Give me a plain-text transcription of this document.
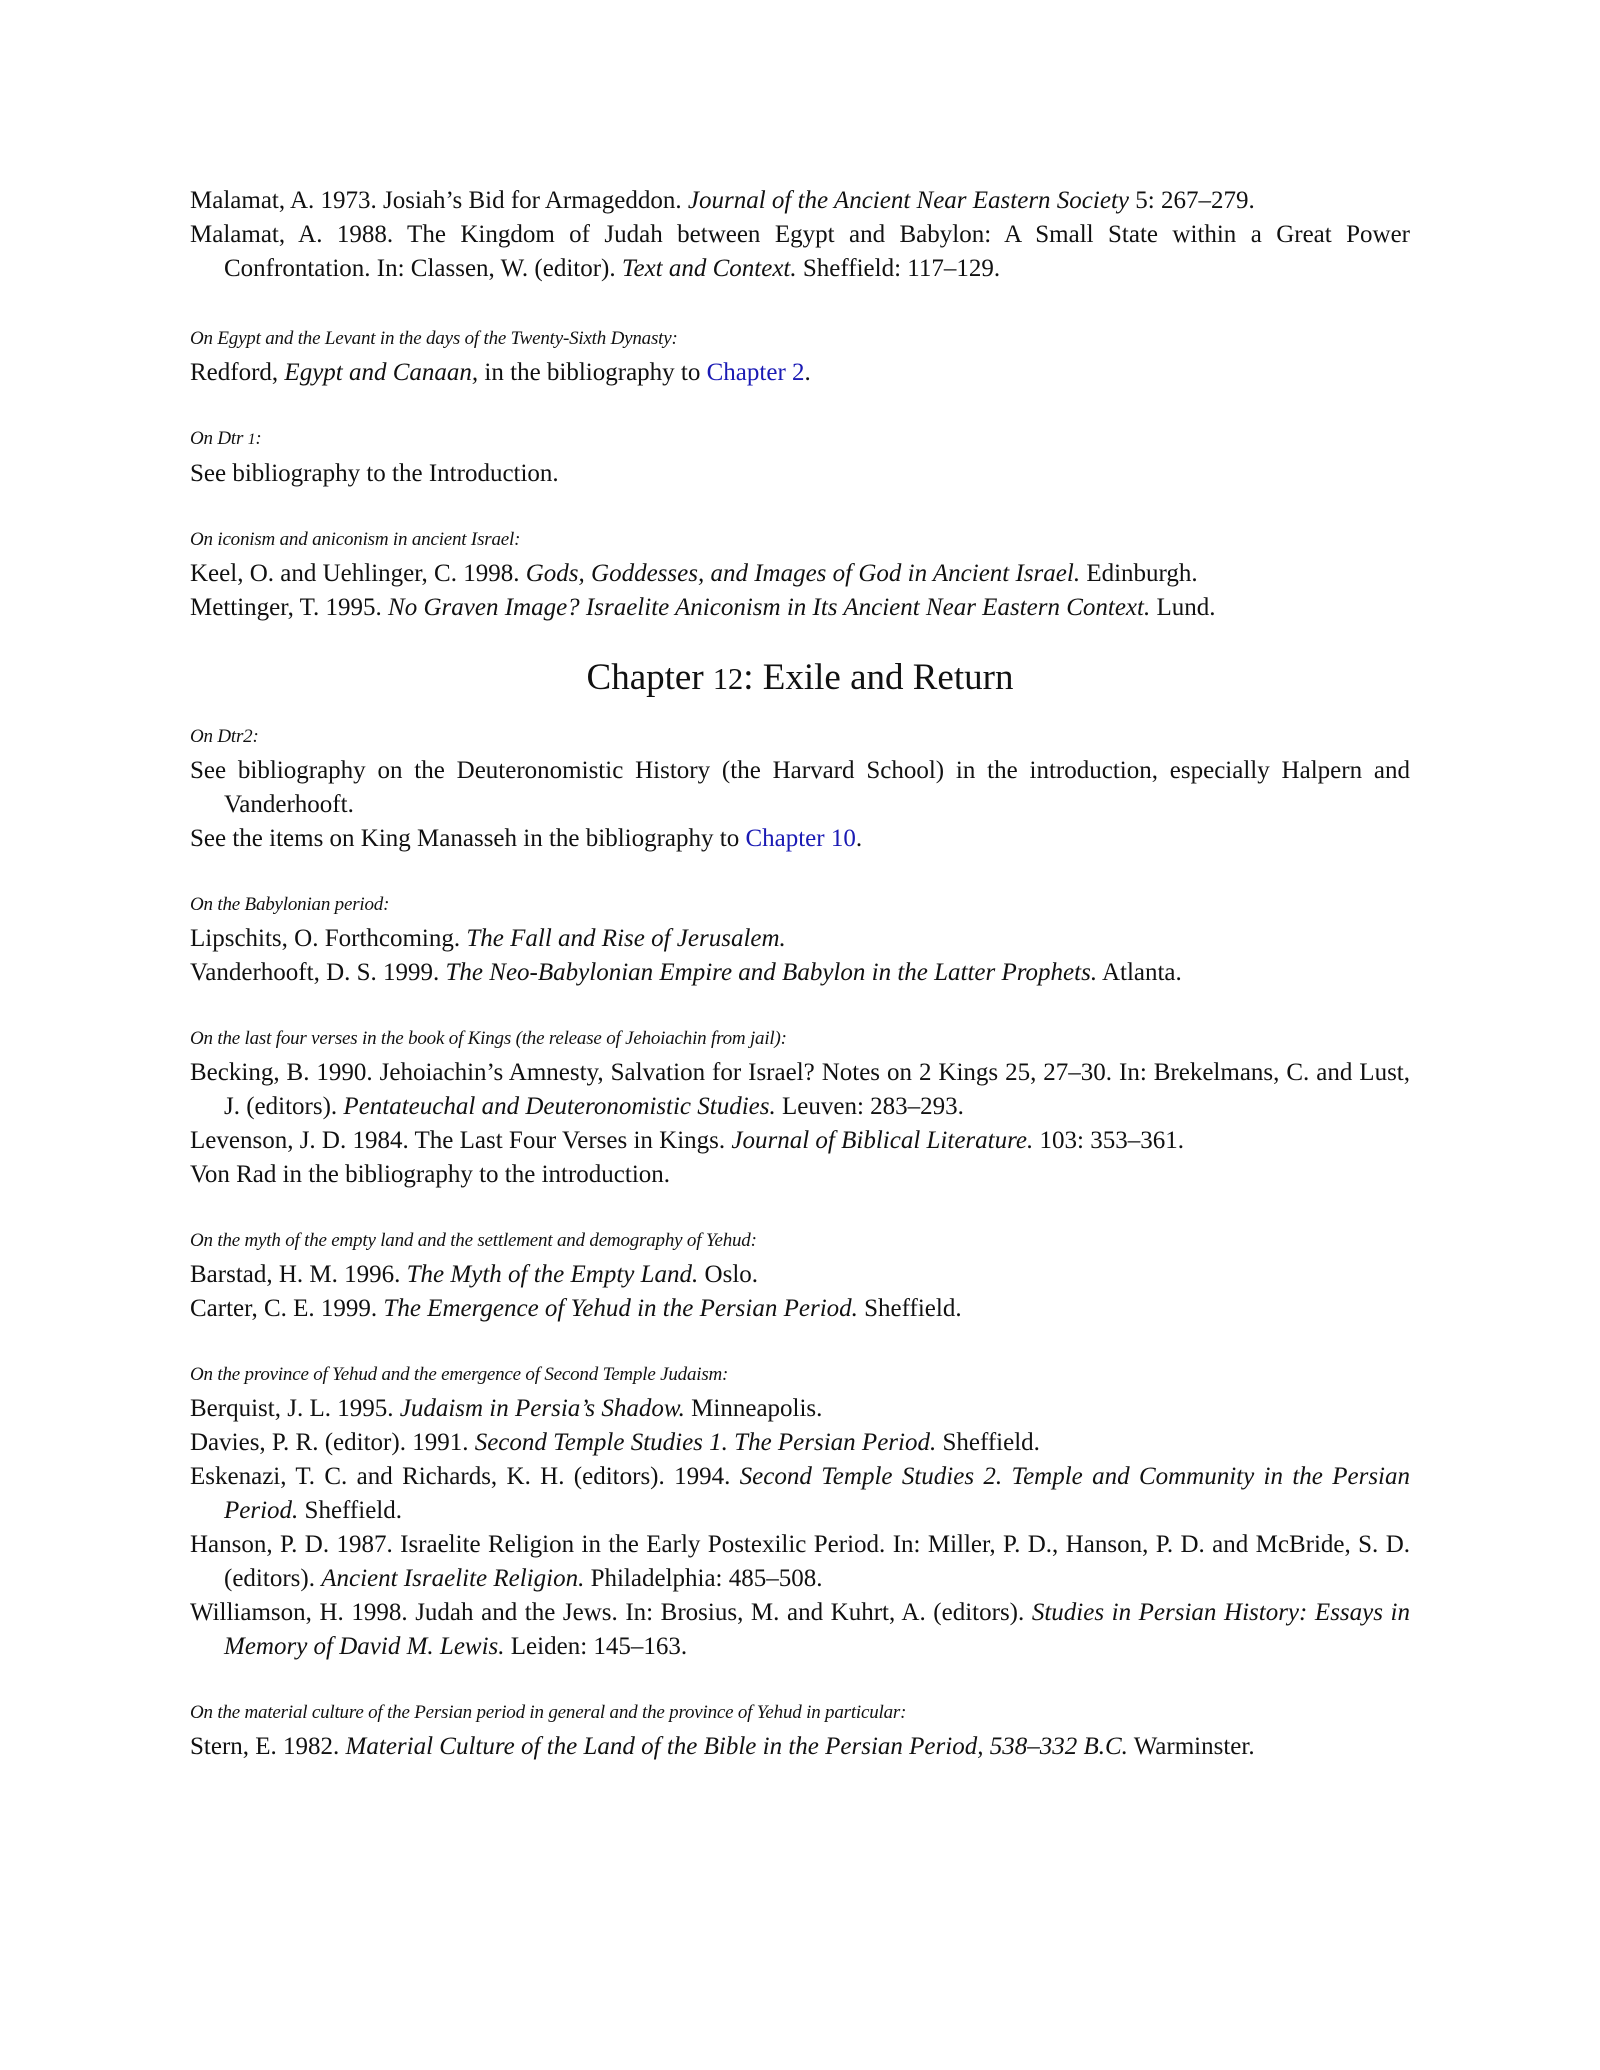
Malamat, A. 1973. Josiah’s Bid for Armageddon. Journal of the Ancient Near Eastern Society 5: 267–279.

Malamat, A. 1988. The Kingdom of Judah between Egypt and Babylon: A Small State within a Great Power Confrontation. In: Classen, W. (editor). Text and Context. Sheffield: 117–129.

On Egypt and the Levant in the days of the Twenty-Sixth Dynasty:

Redford, Egypt and Canaan, in the bibliography to Chapter 2.

On Dtr 1:

See bibliography to the Introduction.

On iconism and aniconism in ancient Israel:

Keel, O. and Uehlinger, C. 1998. Gods, Goddesses, and Images of God in Ancient Israel. Edinburgh.

Mettinger, T. 1995. No Graven Image? Israelite Aniconism in Its Ancient Near Eastern Context. Lund.

Chapter 12: Exile and Return
On Dtr2:

See bibliography on the Deuteronomistic History (the Harvard School) in the introduction, especially Halpern and Vanderhooft.

See the items on King Manasseh in the bibliography to Chapter 10.

On the Babylonian period:

Lipschits, O. Forthcoming. The Fall and Rise of Jerusalem.

Vanderhooft, D. S. 1999. The Neo-Babylonian Empire and Babylon in the Latter Prophets. Atlanta.

On the last four verses in the book of Kings (the release of Jehoiachin from jail):

Becking, B. 1990. Jehoiachin’s Amnesty, Salvation for Israel? Notes on 2 Kings 25, 27–30. In: Brekelmans, C. and Lust, J. (editors). Pentateuchal and Deuteronomistic Studies. Leuven: 283–293.

Levenson, J. D. 1984. The Last Four Verses in Kings. Journal of Biblical Literature. 103: 353–361.

Von Rad in the bibliography to the introduction.

On the myth of the empty land and the settlement and demography of Yehud:

Barstad, H. M. 1996. The Myth of the Empty Land. Oslo.

Carter, C. E. 1999. The Emergence of Yehud in the Persian Period. Sheffield.

On the province of Yehud and the emergence of Second Temple Judaism:

Berquist, J. L. 1995. Judaism in Persia’s Shadow. Minneapolis.

Davies, P. R. (editor). 1991. Second Temple Studies 1. The Persian Period. Sheffield.

Eskenazi, T. C. and Richards, K. H. (editors). 1994. Second Temple Studies 2. Temple and Community in the Persian Period. Sheffield.

Hanson, P. D. 1987. Israelite Religion in the Early Postexilic Period. In: Miller, P. D., Hanson, P. D. and McBride, S. D. (editors). Ancient Israelite Religion. Philadelphia: 485–508.

Williamson, H. 1998. Judah and the Jews. In: Brosius, M. and Kuhrt, A. (editors). Studies in Persian History: Essays in Memory of David M. Lewis. Leiden: 145–163.

On the material culture of the Persian period in general and the province of Yehud in particular:

Stern, E. 1982. Material Culture of the Land of the Bible in the Persian Period, 538–332 B.C. Warminster.
